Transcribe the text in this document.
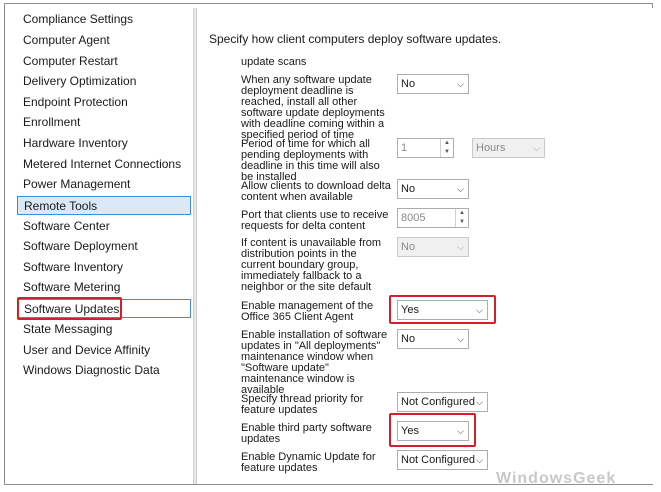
Compliance Settings
Computer Agent
Computer Restart
Delivery Optimization
Endpoint Protection
Enrollment
Hardware Inventory
Metered Internet Connections
Power Management
Remote Tools
Software Center
Software Deployment
Software Inventory
Software Metering
Software Updates
State Messaging
User and Device Affinity
Windows Diagnostic Data
Specify how client computers deploy software updates.
update scans
When any software update deployment deadline is reached, install all other software update deployments with deadline coming within a specified period of time
No	⌵
Period of time for which all pending deployments with deadline in this time will also be installed
1	▲
▼	Hours	⌵
Allow clients to download delta content when available
No	⌵
Port that clients use to receive requests for delta content
8005	▲
▼
If content is unavailable from distribution points in the current boundary group, immediately fallback to a neighbor or the site default
No	⌵
Enable management of the Office 365 Client Agent
Yes	⌵
Enable installation of software updates in "All deployments" maintenance window when "Software update" maintenance window is available
No	⌵
Specify thread priority for feature updates
Not Configured ⌵
Enable third party software updates
Yes	⌵
Enable Dynamic Update for feature updates
Not Configured ⌵
WindowsGeek
